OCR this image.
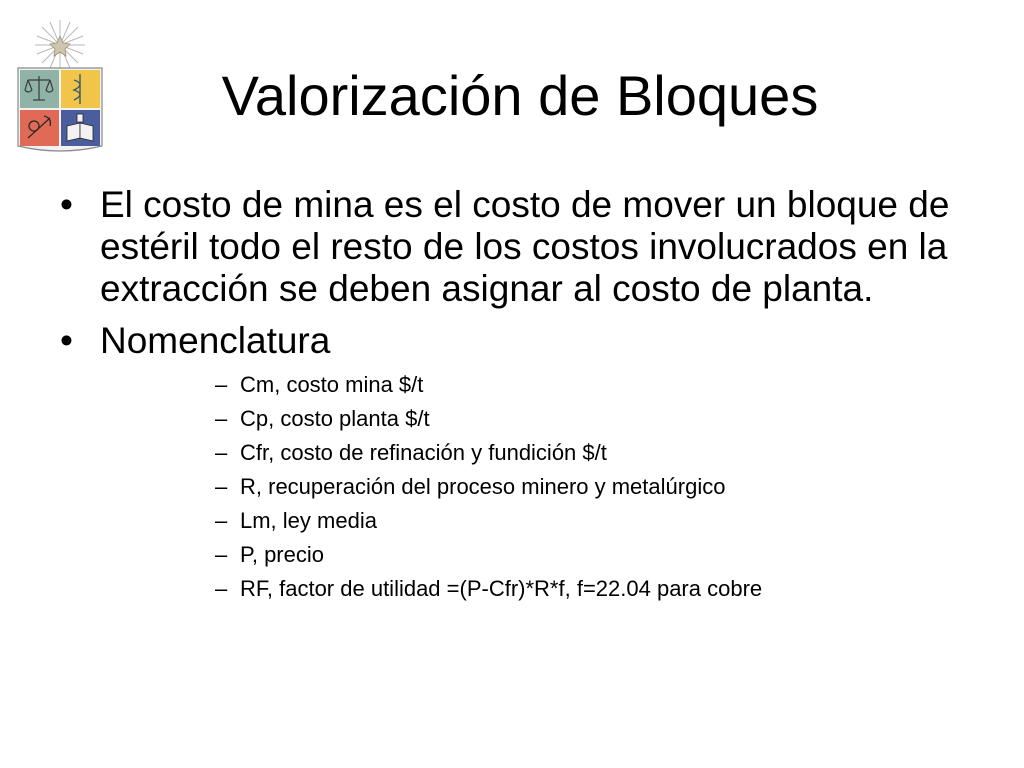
Valorización de Bloques
• El costo de mina es el costo de mover un bloque de estéril todo el resto de los costos involucrados en la extracción se deben asignar al costo de planta.
• Nomenclatura
– Cm, costo mina $/t
– Cp, costo planta $/t
– Cfr, costo de refinación y fundición $/t
– R, recuperación del proceso minero y metalúrgico
– Lm, ley media
– P, precio
– RF, factor de utilidad =(P-Cfr)*R*f, f=22.04 para cobre
